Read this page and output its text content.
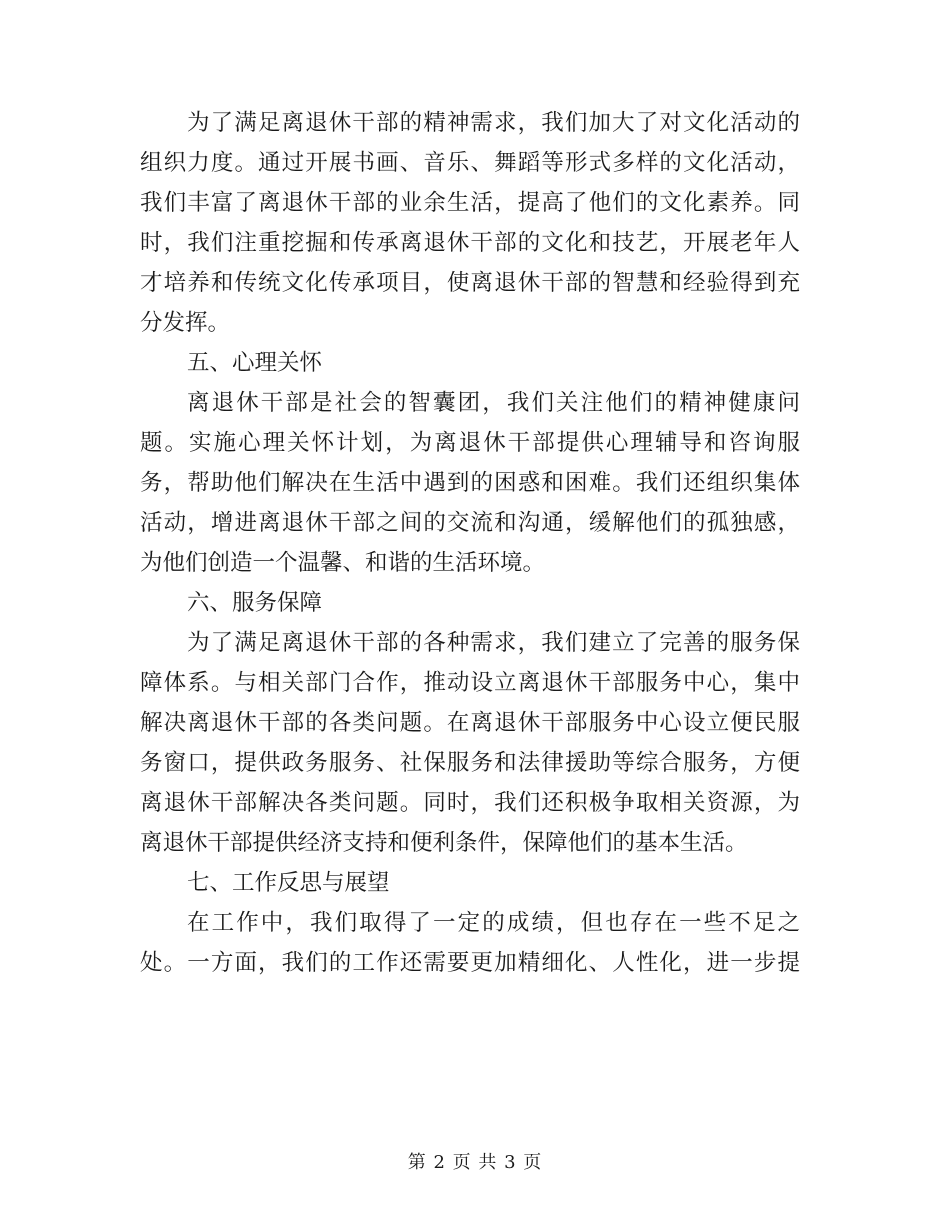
为了满足离退休干部的精神需求，我们加大了对文化活动的
组织力度。通过开展书画、音乐、舞蹈等形式多样的文化活动，
我们丰富了离退休干部的业余生活，提高了他们的文化素养。同
时，我们注重挖掘和传承离退休干部的文化和技艺，开展老年人
才培养和传统文化传承项目，使离退休干部的智慧和经验得到充
分发挥。
五、心理关怀
离退休干部是社会的智囊团，我们关注他们的精神健康问
题。实施心理关怀计划，为离退休干部提供心理辅导和咨询服
务，帮助他们解决在生活中遇到的困惑和困难。我们还组织集体
活动，增进离退休干部之间的交流和沟通，缓解他们的孤独感，
为他们创造一个温馨、和谐的生活环境。
六、服务保障
为了满足离退休干部的各种需求，我们建立了完善的服务保
障体系。与相关部门合作，推动设立离退休干部服务中心，集中
解决离退休干部的各类问题。在离退休干部服务中心设立便民服
务窗口，提供政务服务、社保服务和法律援助等综合服务，方便
离退休干部解决各类问题。同时，我们还积极争取相关资源，为
离退休干部提供经济支持和便利条件，保障他们的基本生活。
七、工作反思与展望
在工作中，我们取得了一定的成绩，但也存在一些不足之
处。一方面，我们的工作还需要更加精细化、人性化，进一步提
第 2 页 共 3 页
